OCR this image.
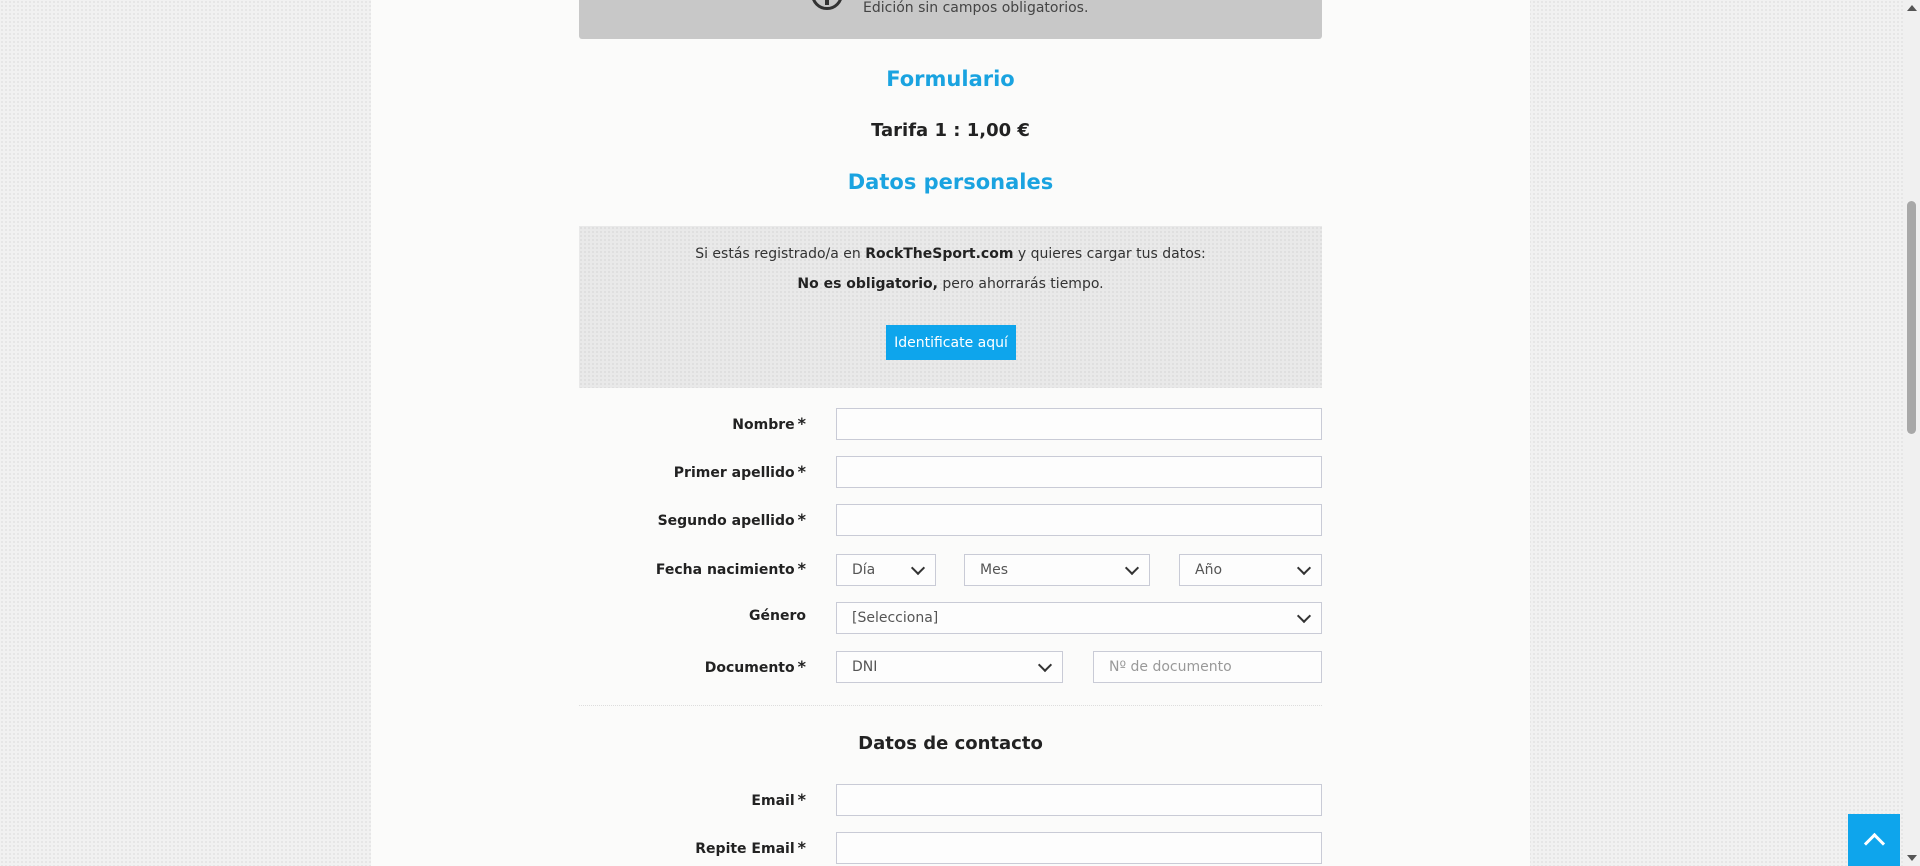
Edición sin campos obligatorios.
Formulario
Tarifa 1 : 1,00 €
Datos personales
Si estás registrado/a en RockTheSport.com y quieres cargar tus datos:
No es obligatorio, pero ahorrarás tiempo.
Identificate aquí
Nombre *
Primer apellido *
Segundo apellido *
Fecha nacimiento *	Día	Mes	Año
Género	[Selecciona]
Documento *	DNI	Nº de documento
Datos de contacto
Email *
Repite Email *
